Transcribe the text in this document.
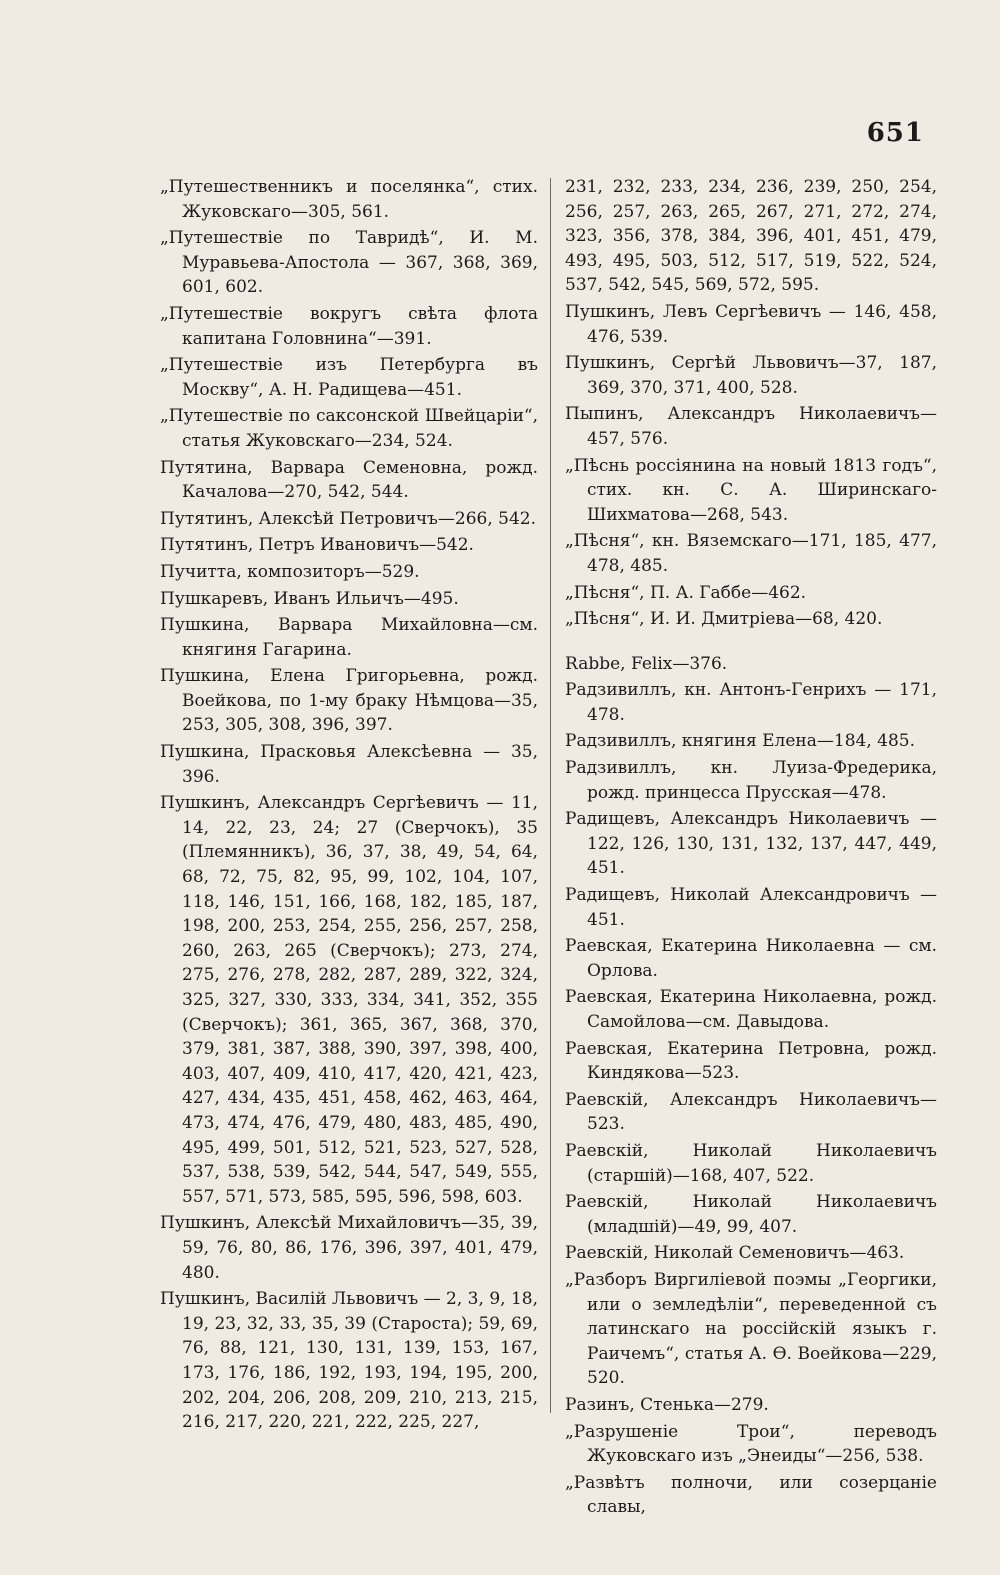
651

„Путешественникъ и поселянка“, стих. Жуковскаго—305, 561.

„Путешествіе по Тавридѣ“, И. М. Муравьева-Апостола — 367, 368, 369, 601, 602.

„Путешествіе вокругъ свѣта флота капитана Головнина“—391.

„Путешествіе изъ Петербурга въ Москву“, А. Н. Радищева—451.

„Путешествіе по саксонской Швейцаріи“, статья Жуковскаго—234, 524.

Путятина, Варвара Семеновна, рожд. Качалова—270, 542, 544.

Путятинъ, Алексѣй Петровичъ—266, 542.

Путятинъ, Петръ Ивановичъ—542.

Пучитта, композиторъ—529.

Пушкаревъ, Иванъ Ильичъ—495.

Пушкина, Варвара Михайловна—см. княгиня Гагарина.

Пушкина, Елена Григорьевна, рожд. Воейкова, по 1-му браку Нѣмцова—35, 253, 305, 308, 396, 397.

Пушкина, Прасковья Алексѣевна — 35, 396.

Пушкинъ, Александръ Сергѣевичъ — 11, 14, 22, 23, 24; 27 (Сверчокъ), 35 (Племянникъ), 36, 37, 38, 49, 54, 64, 68, 72, 75, 82, 95, 99, 102, 104, 107, 118, 146, 151, 166, 168, 182, 185, 187, 198, 200, 253, 254, 255, 256, 257, 258, 260, 263, 265 (Сверчокъ); 273, 274, 275, 276, 278, 282, 287, 289, 322, 324, 325, 327, 330, 333, 334, 341, 352, 355 (Сверчокъ); 361, 365, 367, 368, 370, 379, 381, 387, 388, 390, 397, 398, 400, 403, 407, 409, 410, 417, 420, 421, 423, 427, 434, 435, 451, 458, 462, 463, 464, 473, 474, 476, 479, 480, 483, 485, 490, 495, 499, 501, 512, 521, 523, 527, 528, 537, 538, 539, 542, 544, 547, 549, 555, 557, 571, 573, 585, 595, 596, 598, 603.

Пушкинъ, Алексѣй Михайловичъ—35, 39, 59, 76, 80, 86, 176, 396, 397, 401, 479, 480.

Пушкинъ, Василій Львовичъ — 2, 3, 9, 18, 19, 23, 32, 33, 35, 39 (Староста); 59, 69, 76, 88, 121, 130, 131, 139, 153, 167, 173, 176, 186, 192, 193, 194, 195, 200, 202, 204, 206, 208, 209, 210, 213, 215, 216, 217, 220, 221, 222, 225, 227,

231, 232, 233, 234, 236, 239, 250, 254, 256, 257, 263, 265, 267, 271, 272, 274, 323, 356, 378, 384, 396, 401, 451, 479, 493, 495, 503, 512, 517, 519, 522, 524, 537, 542, 545, 569, 572, 595.

Пушкинъ, Левъ Сергѣевичъ — 146, 458, 476, 539.

Пушкинъ, Сергѣй Львовичъ—37, 187, 369, 370, 371, 400, 528.

Пыпинъ, Александръ Николаевичъ—457, 576.

„Пѣснь россіянина на новый 1813 годъ“, стих. кн. С. А. Ширинскаго-Шихматова—268, 543.

„Пѣсня“, кн. Вяземскаго—171, 185, 477, 478, 485.

„Пѣсня“, П. А. Габбе—462.

„Пѣсня“, И. И. Дмитріева—68, 420.

Rabbe, Felix—376.

Радзивиллъ, кн. Антонъ-Генрихъ — 171, 478.

Радзивиллъ, княгиня Елена—184, 485.

Радзивиллъ, кн. Луиза-Фредерика, рожд. принцесса Прусская—478.

Радищевъ, Александръ Николаевичъ — 122, 126, 130, 131, 132, 137, 447, 449, 451.

Радищевъ, Николай Александровичъ — 451.

Раевская, Екатерина Николаевна — см. Орлова.

Раевская, Екатерина Николаевна, рожд. Самойлова—см. Давыдова.

Раевская, Екатерина Петровна, рожд. Киндякова—523.

Раевскій, Александръ Николаевичъ—523.

Раевскій, Николай Николаевичъ (старшій)—168, 407, 522.

Раевскій, Николай Николаевичъ (младшій)—49, 99, 407.

Раевскій, Николай Семеновичъ—463.

„Разборъ Виргиліевой поэмы „Георгики, или о земледѣліи“, переведенной съ латинскаго на россійскій языкъ г. Раичемъ“, статья А. Ѳ. Воейкова—229, 520.

Разинъ, Стенька—279.

„Разрушеніе Трои“, переводъ Жуковскаго изъ „Энеиды“—256, 538.

„Развѣтъ полночи, или созерцаніе славы,
